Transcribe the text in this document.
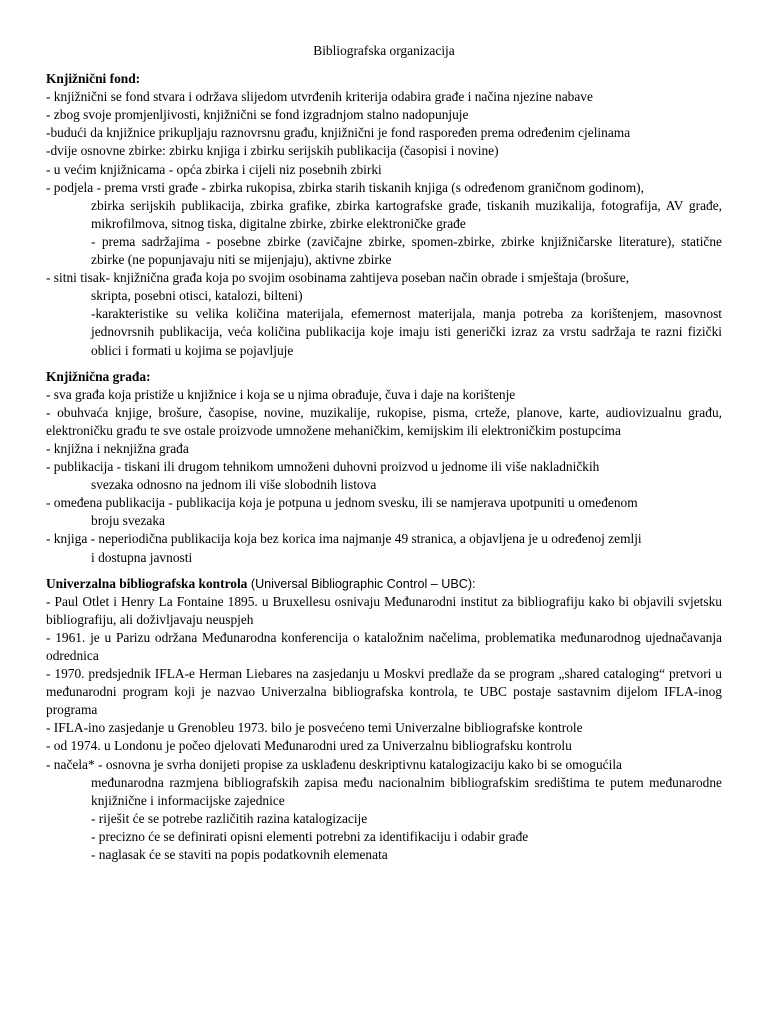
Bibliografska organizacija
Knjižnični fond:

- knjižnični se fond stvara i održava slijedom utvrđenih kriterija odabira građe i načina njezine nabave

- zbog svoje promjenljivosti, knjižnični se fond izgradnjom stalno nadopunjuje

-budući da knjižnice prikupljaju raznovrsnu građu, knjižnični je fond raspoređen prema određenim cjelinama

-dvije osnovne zbirke: zbirku knjiga i zbirku serijskih publikacija (časopisi i novine)

- u većim knjižnicama - opća zbirka i cijeli niz posebnih zbirki

- podjela - prema vrsti građe - zbirka rukopisa, zbirka starih tiskanih knjiga (s određenom graničnom godinom),

zbirka serijskih publikacija, zbirka grafike, zbirka kartografske građe, tiskanih muzikalija, fotografija, AV građe, mikrofilmova, sitnog tiska, digitalne zbirke, zbirke elektroničke građe

- prema sadržajima - posebne zbirke (zavičajne zbirke, spomen-zbirke, zbirke knjižničarske literature), statične zbirke (ne popunjavaju niti se mijenjaju), aktivne zbirke

- sitni tisak- knjižnična građa koja po svojim osobinama zahtijeva poseban način obrade i smještaja (brošure,

skripta, posebni otisci, katalozi, bilteni)

-karakteristike su velika količina materijala, efemernost materijala, manja potreba za korištenjem, masovnost jednovrsnih publikacija, veća količina publikacija koje imaju isti generički izraz za vrstu sadržaja te razni fizički oblici i formati u kojima se pojavljuje

Knjižnična građa:

- sva građa koja pristiže u knjižnice i koja se u njima obrađuje, čuva i daje na korištenje

- obuhvaća knjige, brošure, časopise, novine, muzikalije, rukopise, pisma, crteže, planove, karte, audiovizualnu građu, elektroničku građu te sve ostale proizvode umnožene mehaničkim, kemijskim ili elektroničkim postupcima

- knjižna i neknjižna građa

- publikacija - tiskani ili drugom tehnikom umnoženi duhovni proizvod u jednome ili više nakladničkih

svezaka odnosno na jednom ili više slobodnih listova

- omeđena publikacija - publikacija koja je potpuna u jednom svesku, ili se namjerava upotpuniti u omeđenom

broju svezaka

- knjiga - neperiodična publikacija koja bez korica ima najmanje 49 stranica, a objavljena je u određenoj zemlji

i dostupna javnosti

Univerzalna bibliografska kontrola (Universal Bibliographic Control – UBC):

- Paul Otlet i Henry La Fontaine 1895. u Bruxellesu osnivaju Međunarodni institut za bibliografiju kako bi objavili svjetsku bibliografiju, ali doživljavaju neuspjeh

- 1961. je u Parizu održana Međunarodna konferencija o kataložnim načelima, problematika međunarodnog ujednačavanja odrednica

- 1970. predsjednik IFLA-e Herman Liebares na zasjedanju u Moskvi predlaže da se program „shared cataloging“ pretvori u međunarodni program koji je nazvao Univerzalna bibliografska kontrola, te UBC postaje sastavnim dijelom IFLA-inog programa

- IFLA-ino zasjedanje u Grenobleu 1973. bilo je posvećeno temi Univerzalne bibliografske kontrole

- od 1974. u Londonu je počeo djelovati Međunarodni ured za Univerzalnu bibliografsku kontrolu

- načela* - osnovna je svrha donijeti propise za usklađenu deskriptivnu katalogizaciju kako bi se omogućila

međunarodna razmjena bibliografskih zapisa među nacionalnim bibliografskim središtima te putem međunarodne knjižnične i informacijske zajednice

- riješit će se potrebe različitih razina katalogizacije

- precizno će se definirati opisni elementi potrebni za identifikaciju i odabir građe

- naglasak će se staviti na popis podatkovnih elemenata
